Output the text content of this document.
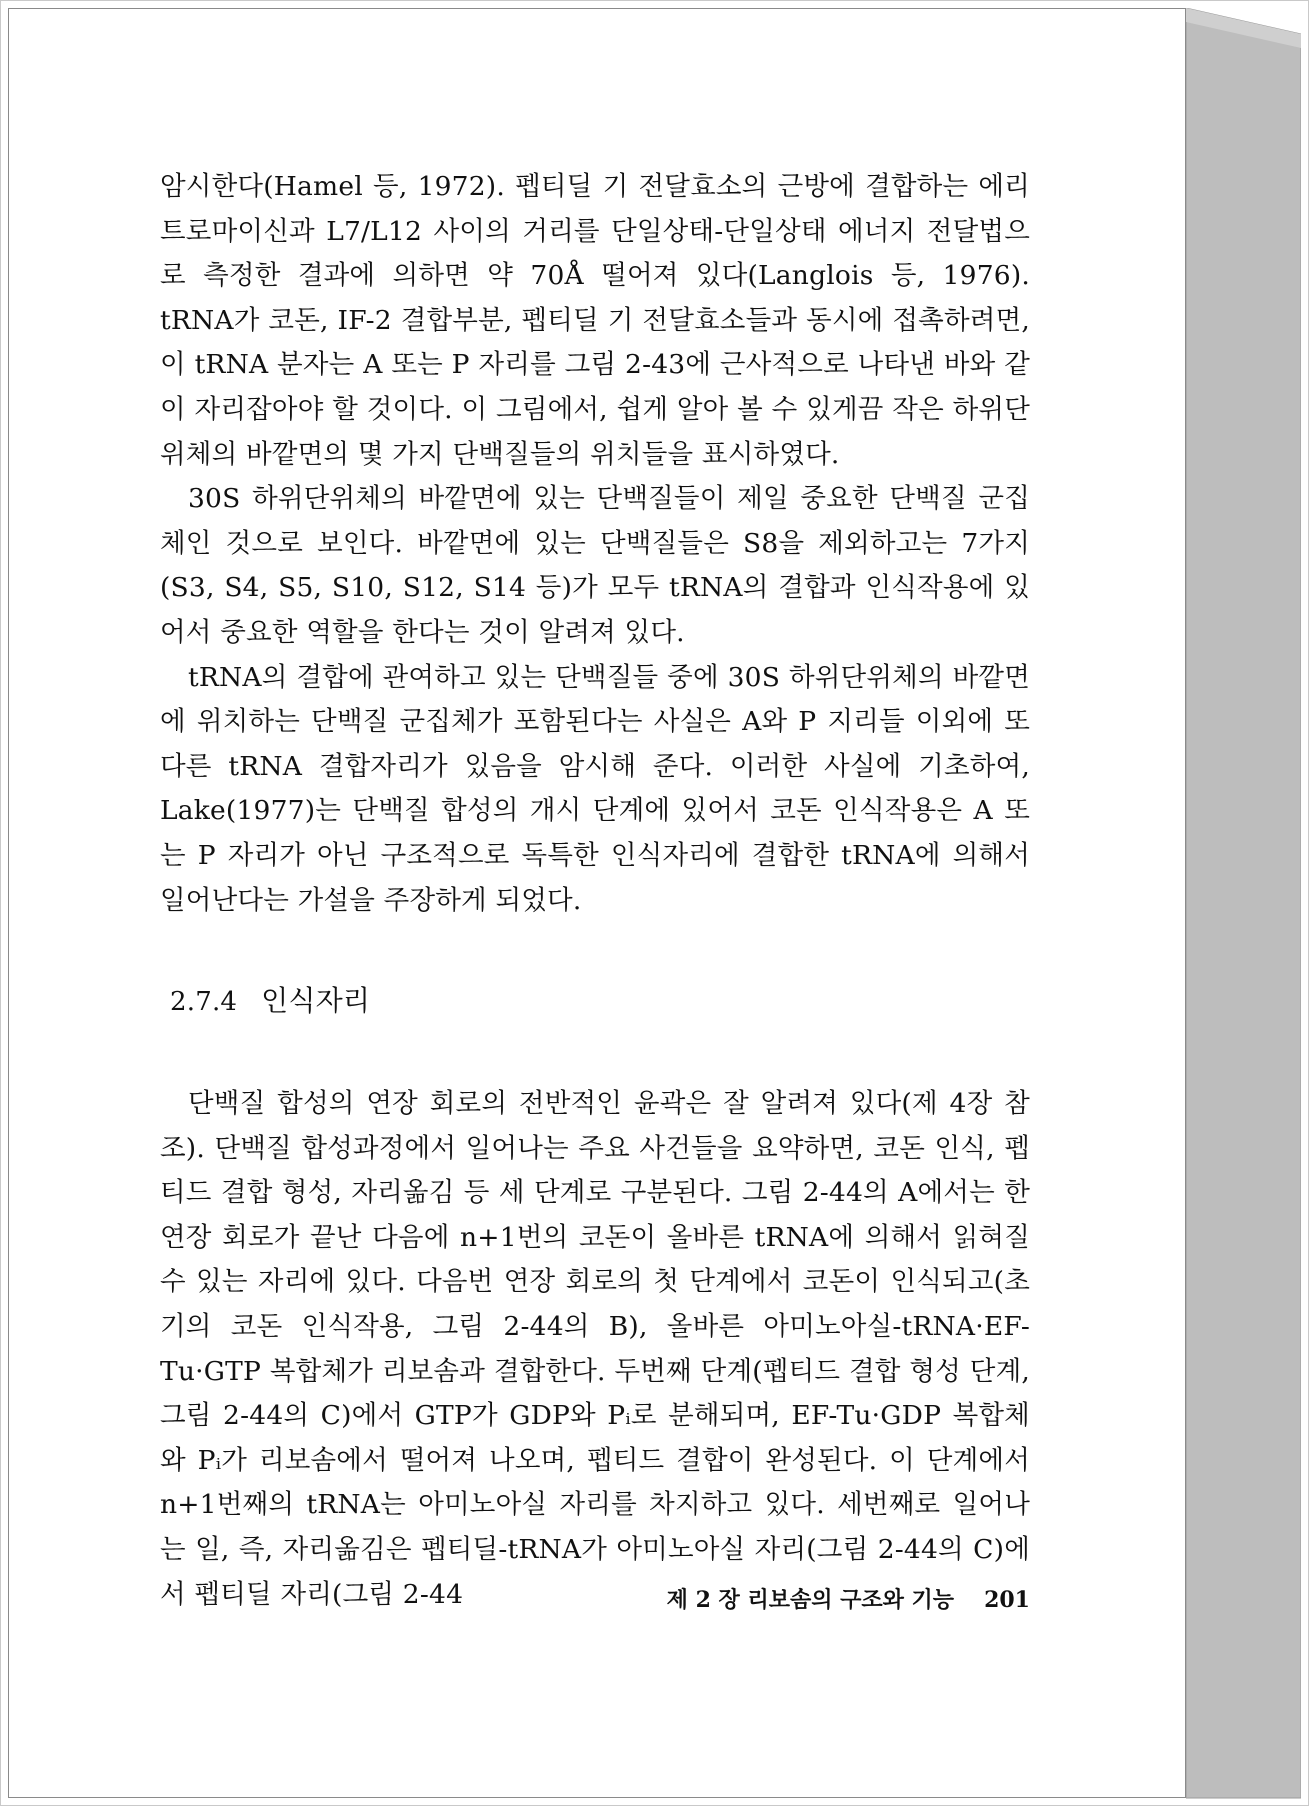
암시한다(Hamel 등, 1972). 펩티딜 기 전달효소의 근방에 결합하는 에리트로마이신과 L7/L12 사이의 거리를 단일상태-단일상태 에너지 전달법으로 측정한 결과에 의하면 약 70Å 떨어져 있다(Langlois 등, 1976). tRNA가 코돈, IF-2 결합부분, 펩티딜 기 전달효소들과 동시에 접촉하려면, 이 tRNA 분자는 A 또는 P 자리를 그림 2-43에 근사적으로 나타낸 바와 같이 자리잡아야 할 것이다. 이 그림에서, 쉽게 알아 볼 수 있게끔 작은 하위단위체의 바깥면의 몇 가지 단백질들의 위치들을 표시하였다.

30S 하위단위체의 바깥면에 있는 단백질들이 제일 중요한 단백질 군집체인 것으로 보인다. 바깥면에 있는 단백질들은 S8을 제외하고는 7가지(S3, S4, S5, S10, S12, S14 등)가 모두 tRNA의 결합과 인식작용에 있어서 중요한 역할을 한다는 것이 알려져 있다.

tRNA의 결합에 관여하고 있는 단백질들 중에 30S 하위단위체의 바깥면에 위치하는 단백질 군집체가 포함된다는 사실은 A와 P 지리들 이외에 또 다른 tRNA 결합자리가 있음을 암시해 준다. 이러한 사실에 기초하여, Lake(1977)는 단백질 합성의 개시 단계에 있어서 코돈 인식작용은 A 또는 P 자리가 아닌 구조적으로 독특한 인식자리에 결합한 tRNA에 의해서 일어난다는 가설을 주장하게 되었다.

2.7.4 인식자리

단백질 합성의 연장 회로의 전반적인 윤곽은 잘 알려져 있다(제 4장 참조). 단백질 합성과정에서 일어나는 주요 사건들을 요약하면, 코돈 인식, 펩티드 결합 형성, 자리옮김 등 세 단계로 구분된다. 그림 2-44의 A에서는 한 연장 회로가 끝난 다음에 n+1번의 코돈이 올바른 tRNA에 의해서 읽혀질 수 있는 자리에 있다. 다음번 연장 회로의 첫 단계에서 코돈이 인식되고(초기의 코돈 인식작용, 그림 2-44의 B), 올바른 아미노아실-tRNA·EF-Tu·GTP 복합체가 리보솜과 결합한다. 두번째 단계(펩티드 결합 형성 단계, 그림 2-44의 C)에서 GTP가 GDP와 Pᵢ로 분해되며, EF-Tu·GDP 복합체와 Pᵢ가 리보솜에서 떨어져 나오며, 펩티드 결합이 완성된다. 이 단계에서 n+1번째의 tRNA는 아미노아실 자리를 차지하고 있다. 세번째로 일어나는 일, 즉, 자리옮김은 펩티딜-tRNA가 아미노아실 자리(그림 2-44의 C)에서 펩티딜 자리(그림 2-44	제 2 장 리보솜의 구조와 기능 201
